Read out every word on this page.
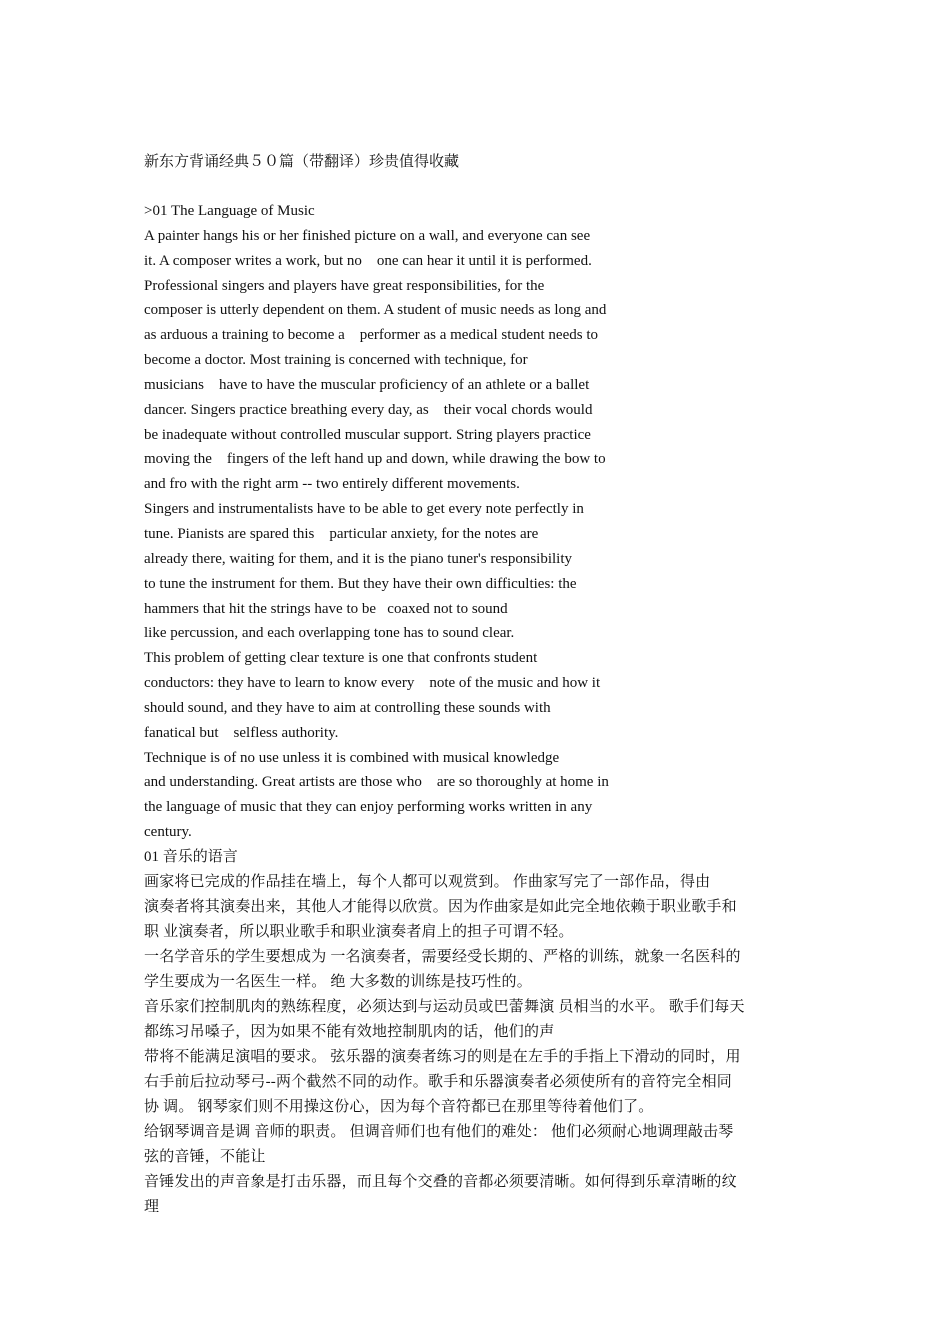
新东方背诵经典５０篇（带翻译）珍贵值得收藏
>01 The Language of Music
A painter hangs his or her finished picture on a wall, and everyone can see
it. A composer writes a work, but no    one can hear it until it is performed.
Professional singers and players have great responsibilities, for the
composer is utterly dependent on them. A student of music needs as long and
as arduous a training to become a    performer as a medical student needs to
become a doctor. Most training is concerned with technique, for
musicians    have to have the muscular proficiency of an athlete or a ballet
dancer. Singers practice breathing every day, as    their vocal chords would
be inadequate without controlled muscular support. String players practice
moving the    fingers of the left hand up and down, while drawing the bow to
and fro with the right arm -- two entirely different movements.
Singers and instrumentalists have to be able to get every note perfectly in
tune. Pianists are spared this    particular anxiety, for the notes are
already there, waiting for them, and it is the piano tuner's responsibility
to tune the instrument for them. But they have their own difficulties: the
hammers that hit the strings have to be   coaxed not to sound
like percussion, and each overlapping tone has to sound clear.
This problem of getting clear texture is one that confronts student
conductors: they have to learn to know every    note of the music and how it
should sound, and they have to aim at controlling these sounds with
fanatical but    selfless authority.
Technique is of no use unless it is combined with musical knowledge
and understanding. Great artists are those who    are so thoroughly at home in
the language of music that they can enjoy performing works written in any
century.
01 音乐的语言
画家将已完成的作品挂在墙上，每个人都可以观赏到。 作曲家写完了一部作品，得由
演奏者将其演奏出来，其他人才能得以欣赏。因为作曲家是如此完全地依赖于职业歌手和
职 业演奏者，所以职业歌手和职业演奏者肩上的担子可谓不轻。
一名学音乐的学生要想成为 一名演奏者，需要经受长期的、严格的训练，就象一名医科的
学生要成为一名医生一样。 绝 大多数的训练是技巧性的。
音乐家们控制肌肉的熟练程度，必须达到与运动员或巴蕾舞演 员相当的水平。 歌手们每天
都练习吊嗓子，因为如果不能有效地控制肌肉的话，他们的声
带将不能满足演唱的要求。 弦乐器的演奏者练习的则是在左手的手指上下滑动的同时，用
右手前后拉动琴弓--两个截然不同的动作。歌手和乐器演奏者必须使所有的音符完全相同
协 调。 钢琴家们则不用操这份心，因为每个音符都已在那里等待着他们了。
给钢琴调音是调 音师的职责。 但调音师们也有他们的难处： 他们必须耐心地调理敲击琴
弦的音锤，不能让
音锤发出的声音象是打击乐器，而且每个交叠的音都必须要清晰。如何得到乐章清晰的纹
理
